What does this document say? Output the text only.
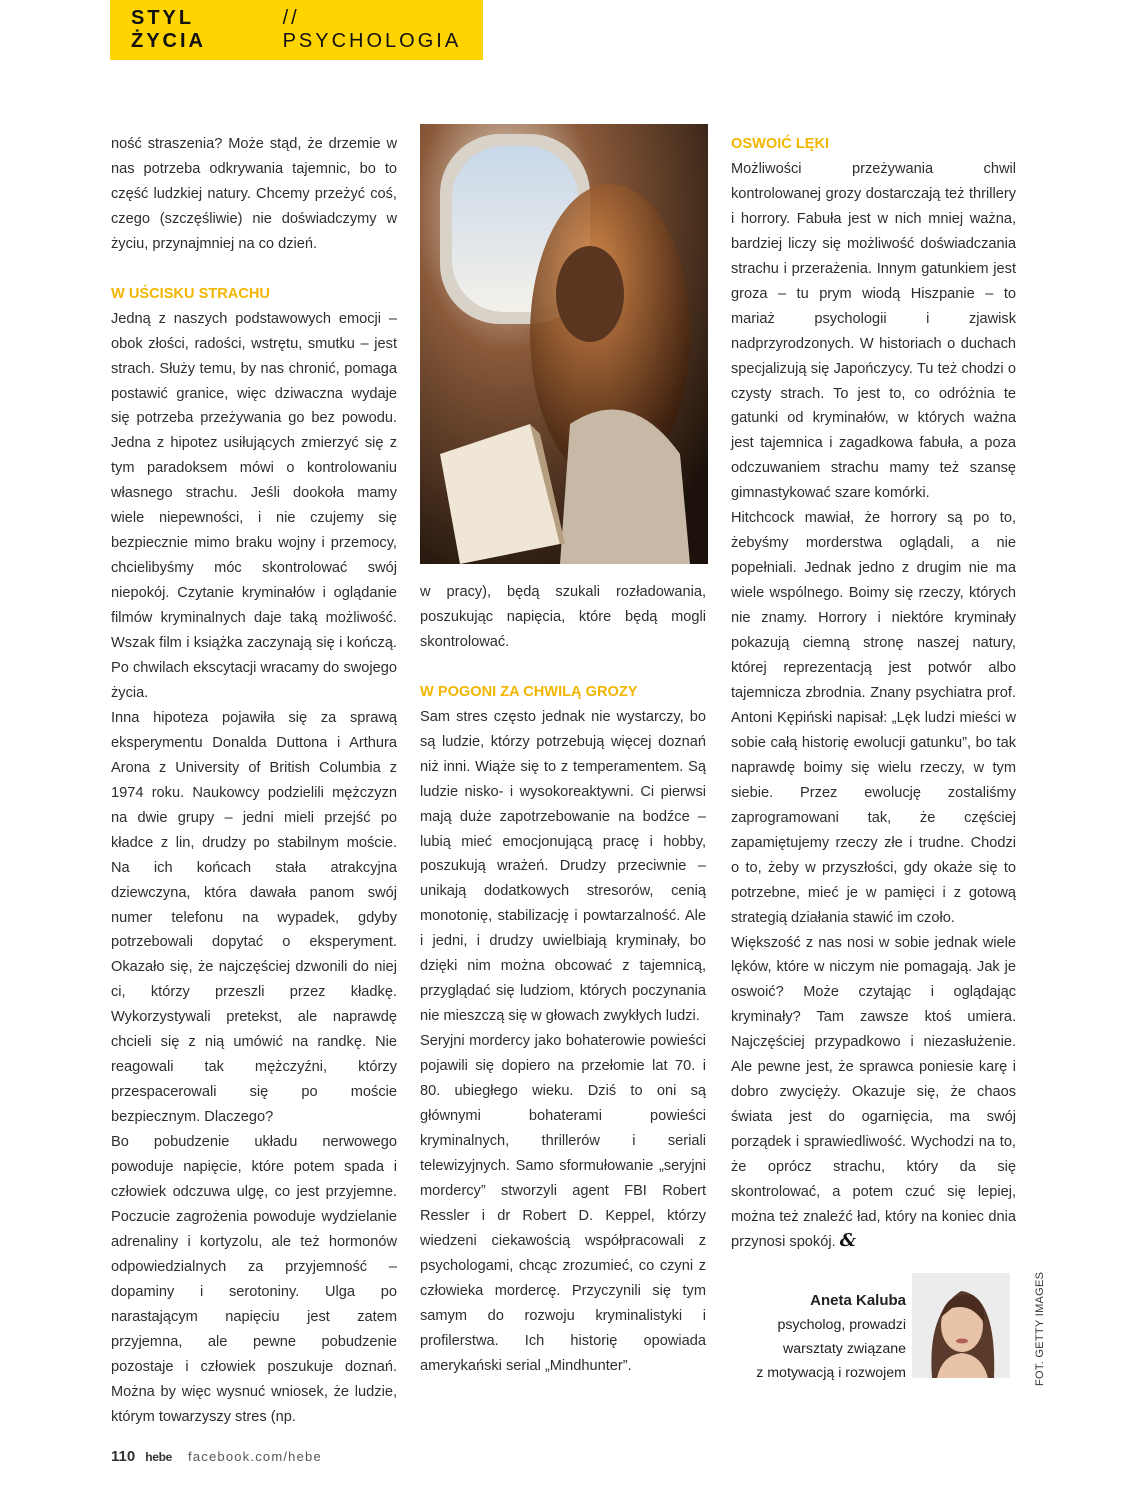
STYL ŻYCIA
// PSYCHOLOGIA

ność straszenia? Może stąd, że drzemie w nas potrzeba odkrywania tajemnic, bo to część ludzkiej natury. Chcemy przeżyć coś, czego (szczęśliwie) nie doświadczymy w życiu, przynajmniej na co dzień.

W UŚCISKU STRACHU

Jedną z naszych podstawowych emocji – obok złości, radości, wstrętu, smutku – jest strach. Służy temu, by nas chronić, pomaga postawić granice, więc dziwaczna wydaje się potrzeba przeżywania go bez powodu. Jedna z hipotez usiłujących zmierzyć się z tym paradoksem mówi o kontrolowaniu własnego strachu. Jeśli dookoła mamy wiele niepewności, i nie czujemy się bezpiecznie mimo braku wojny i przemocy, chcielibyśmy móc skontrolować swój niepokój. Czytanie kryminałów i oglądanie filmów kryminalnych daje taką możliwość. Wszak film i książka zaczynają się i kończą. Po chwilach ekscytacji wracamy do swojego życia.

Inna hipoteza pojawiła się za sprawą eksperymentu Donalda Duttona i Arthura Arona z University of British Columbia z 1974 roku. Naukowcy podzielili mężczyzn na dwie grupy – jedni mieli przejść po kładce z lin, drudzy po stabilnym moście. Na ich końcach stała atrakcyjna dziewczyna, która dawała panom swój numer telefonu na wypadek, gdyby potrzebowali dopytać o eksperyment. Okazało się, że najczęściej dzwonili do niej ci, którzy przeszli przez kładkę. Wykorzystywali pretekst, ale naprawdę chcieli się z nią umówić na randkę. Nie reagowali tak mężczyźni, którzy przespacerowali się po moście bezpiecznym. Dlaczego?

Bo pobudzenie układu nerwowego powoduje napięcie, które potem spada i człowiek odczuwa ulgę, co jest przyjemne. Poczucie zagrożenia powoduje wydzielanie adrenaliny i kortyzolu, ale też hormonów odpowiedzialnych za przyjemność – dopaminy i serotoniny. Ulga po narastającym napięciu jest zatem przyjemna, ale pewne pobudzenie pozostaje i człowiek poszukuje doznań. Można by więc wysnuć wniosek, że ludzie, którym towarzyszy stres (np.

w pracy), będą szukali rozładowania, poszukując napięcia, które będą mogli skontrolować.

W POGONI ZA CHWILĄ GROZY

Sam stres często jednak nie wystarczy, bo są ludzie, którzy potrzebują więcej doznań niż inni. Wiąże się to z temperamentem. Są ludzie nisko- i wysokoreaktywni. Ci pierwsi mają duże zapotrzebowanie na bodźce – lubią mieć emocjonującą pracę i hobby, poszukują wrażeń. Drudzy przeciwnie – unikają dodatkowych stresorów, cenią monotonię, stabilizację i powtarzalność. Ale i jedni, i drudzy uwielbiają kryminały, bo dzięki nim można obcować z tajemnicą, przyglądać się ludziom, których poczynania nie mieszczą się w głowach zwykłych ludzi.

Seryjni mordercy jako bohaterowie powieści pojawili się dopiero na przełomie lat 70. i 80. ubiegłego wieku. Dziś to oni są głównymi bohaterami powieści kryminalnych, thrillerów i seriali telewizyjnych. Samo sformułowanie „seryjni mordercy” stworzyli agent FBI Robert Ressler i dr Robert D. Keppel, którzy wiedzeni ciekawością współpracowali z psychologami, chcąc zrozumieć, co czyni z człowieka mordercę. Przyczynili się tym samym do rozwoju kryminalistyki i profilerstwa. Ich historię opowiada amerykański serial „Mindhunter”.

OSWOIĆ LĘKI

Możliwości przeżywania chwil kontrolowanej grozy dostarczają też thrillery i horrory. Fabuła jest w nich mniej ważna, bardziej liczy się możliwość doświadczania strachu i przerażenia. Innym gatunkiem jest groza – tu prym wiodą Hiszpanie – to mariaż psychologii i zjawisk nadprzyrodzonych. W historiach o duchach specjalizują się Japończycy. Tu też chodzi o czysty strach. To jest to, co odróżnia te gatunki od kryminałów, w których ważna jest tajemnica i zagadkowa fabuła, a poza odczuwaniem strachu mamy też szansę gimnastykować szare komórki.

Hitchcock mawiał, że horrory są po to, żebyśmy morderstwa oglądali, a nie popełniali. Jednak jedno z drugim nie ma wiele wspólnego. Boimy się rzeczy, których nie znamy. Horrory i niektóre kryminały pokazują ciemną stronę naszej natury, której reprezentacją jest potwór albo tajemnicza zbrodnia. Znany psychiatra prof. Antoni Kępiński napisał: „Lęk ludzi mieści w sobie całą historię ewolucji gatunku”, bo tak naprawdę boimy się wielu rzeczy, w tym siebie. Przez ewolucję zostaliśmy zaprogramowani tak, że częściej zapamiętujemy rzeczy złe i trudne. Chodzi o to, żeby w przyszłości, gdy okaże się to potrzebne, mieć je w pamięci i z gotową strategią działania stawić im czoło.

Większość z nas nosi w sobie jednak wiele lęków, które w niczym nie pomagają. Jak je oswoić? Może czytając i oglądając kryminały? Tam zawsze ktoś umiera. Najczęściej przypadkowo i niezasłużenie. Ale pewne jest, że sprawca poniesie karę i dobro zwycięży. Okazuje się, że chaos świata jest do ogarnięcia, ma swój porządek i sprawiedliwość. Wychodzi na to, że oprócz strachu, który da się skontrolować, a potem czuć się lepiej, można też znaleźć ład, który na koniec dnia przynosi spokój. &

Aneta Kaluba
psycholog, prowadzi
warsztaty związane
z motywacją i rozwojem	FOT. GETTY IMAGES
110 hebe facebook.com/hebe
